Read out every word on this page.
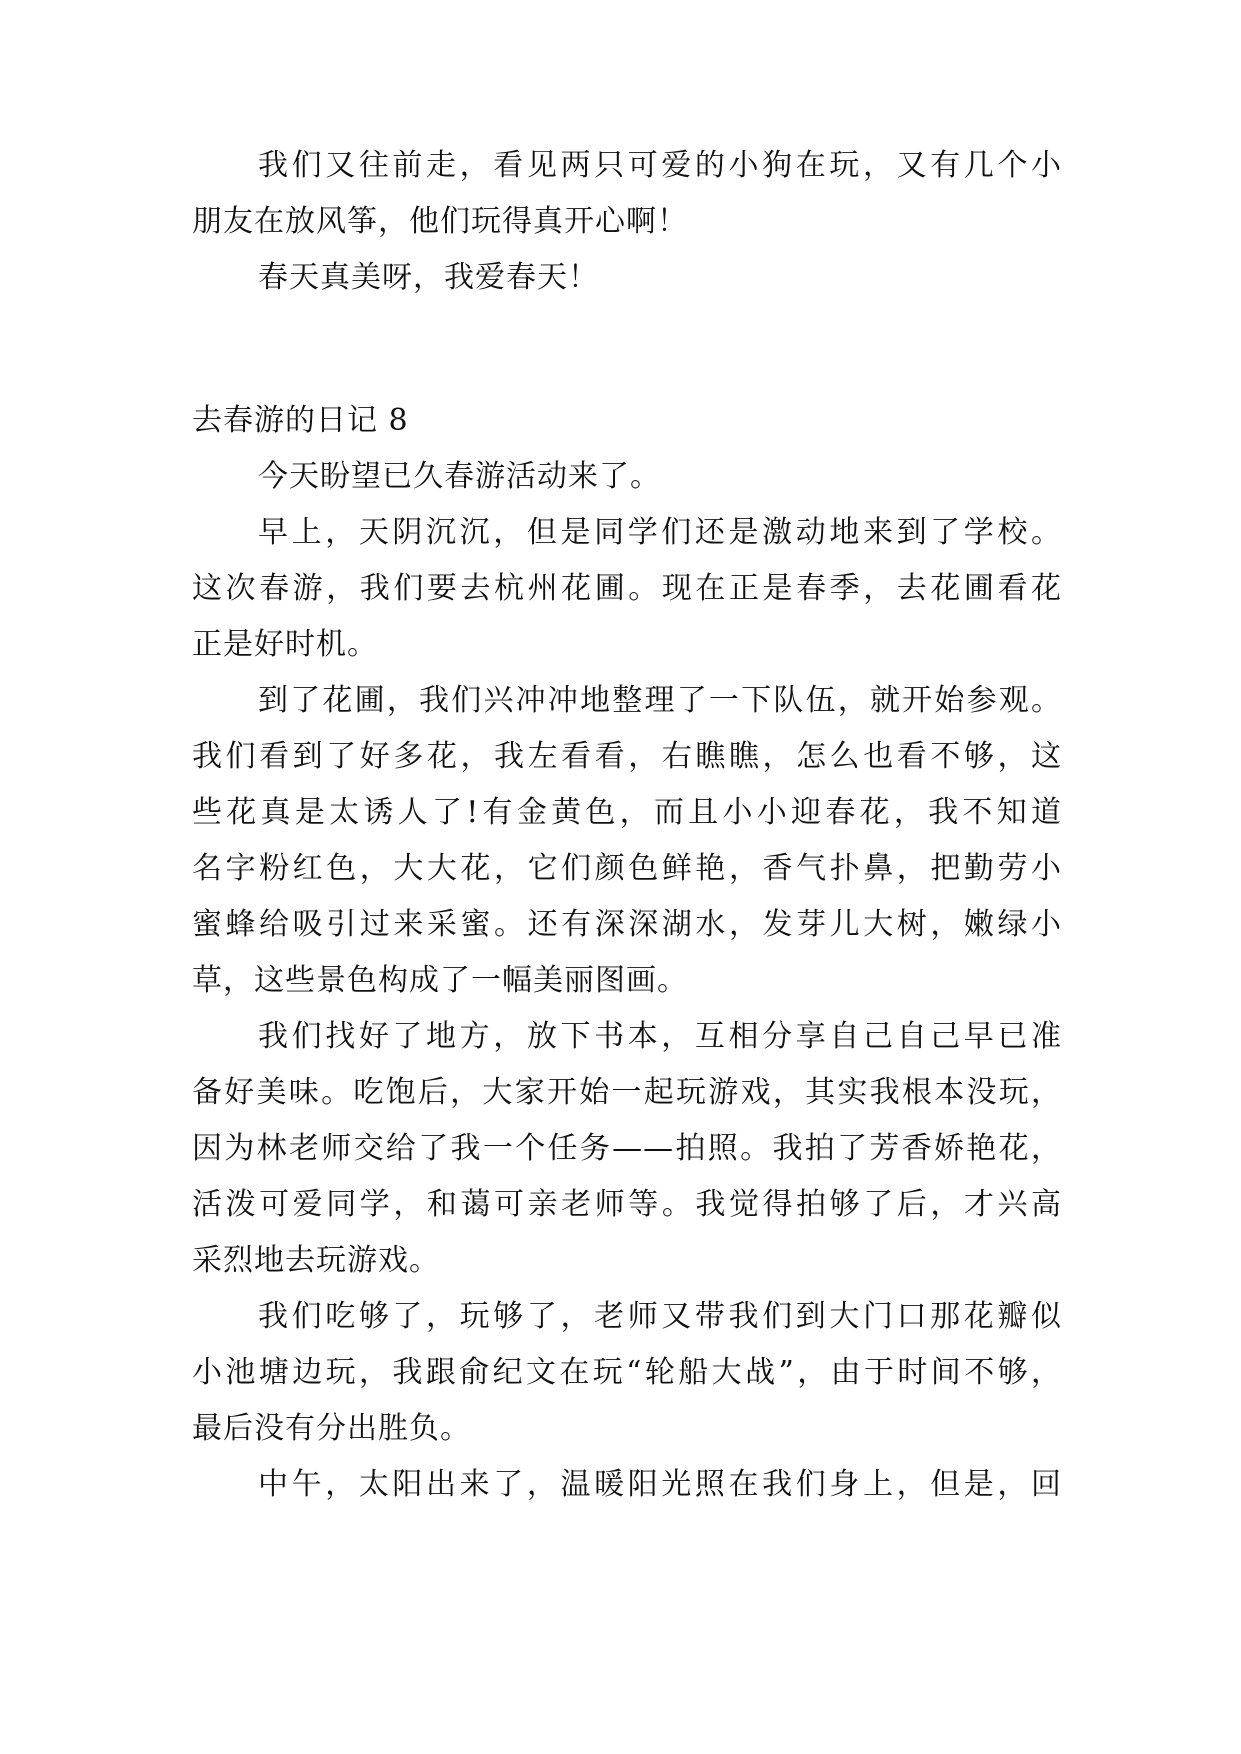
我们又往前走，看见两只可爱的小狗在玩，又有几个小
朋友在放风筝，他们玩得真开心啊！
春天真美呀，我爱春天！
去春游的日记 8
今天盼望已久春游活动来了。
早上，天阴沉沉，但是同学们还是激动地来到了学校。
这次春游，我们要去杭州花圃。现在正是春季，去花圃看花
正是好时机。
到了花圃，我们兴冲冲地整理了一下队伍，就开始参观。
我们看到了好多花，我左看看，右瞧瞧，怎么也看不够，这
些花真是太诱人了!有金黄色，而且小小迎春花，我不知道
名字粉红色，大大花，它们颜色鲜艳，香气扑鼻，把勤劳小
蜜蜂给吸引过来采蜜。还有深深湖水，发芽儿大树，嫩绿小
草，这些景色构成了一幅美丽图画。
我们找好了地方，放下书本，互相分享自己自己早已准
备好美味。吃饱后，大家开始一起玩游戏，其实我根本没玩，
因为林老师交给了我一个任务——拍照。我拍了芳香娇艳花，
活泼可爱同学，和蔼可亲老师等。我觉得拍够了后，才兴高
采烈地去玩游戏。
我们吃够了，玩够了，老师又带我们到大门口那花瓣似
小池塘边玩，我跟俞纪文在玩“轮船大战”，由于时间不够，
最后没有分出胜负。
中午，太阳出来了，温暖阳光照在我们身上，但是，回
